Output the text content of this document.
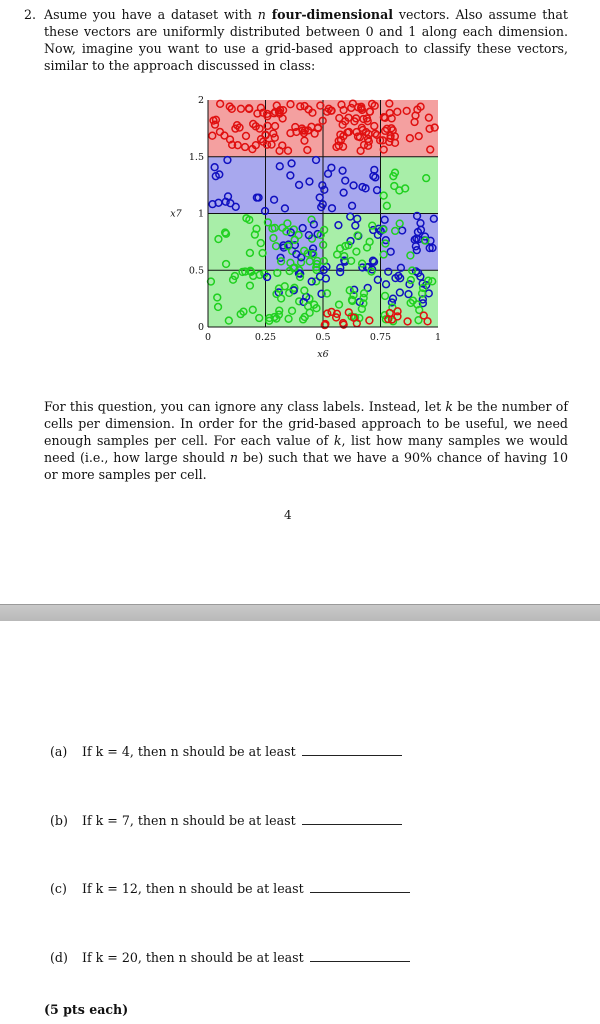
2. Asume you have a dataset with n four-dimensional vectors. Also assume that these vectors are uniformly distributed between 0 and 1 along each dimension. Now, imagine you want to use a grid-based approach to classify these vectors, similar to the approach discussed in class:
0	0.25	0.5	0.75	1
0
0.5
1
1.5
2
x6
x7
For this question, you can ignore any class labels. Instead, let k be the number of cells per dimension. In order for the grid-based approach to be useful, we need enough samples per cell. For each value of k, list how many samples we would need (i.e., how large should n be) such that we have a 90% chance of having 10 or more samples per cell.
4
(a)	If k = 4, then n should be at least
(b)	If k = 7, then n should be at least
(c)	If k = 12, then n should be at least
(d)	If k = 20, then n should be at least
(5 pts each)
